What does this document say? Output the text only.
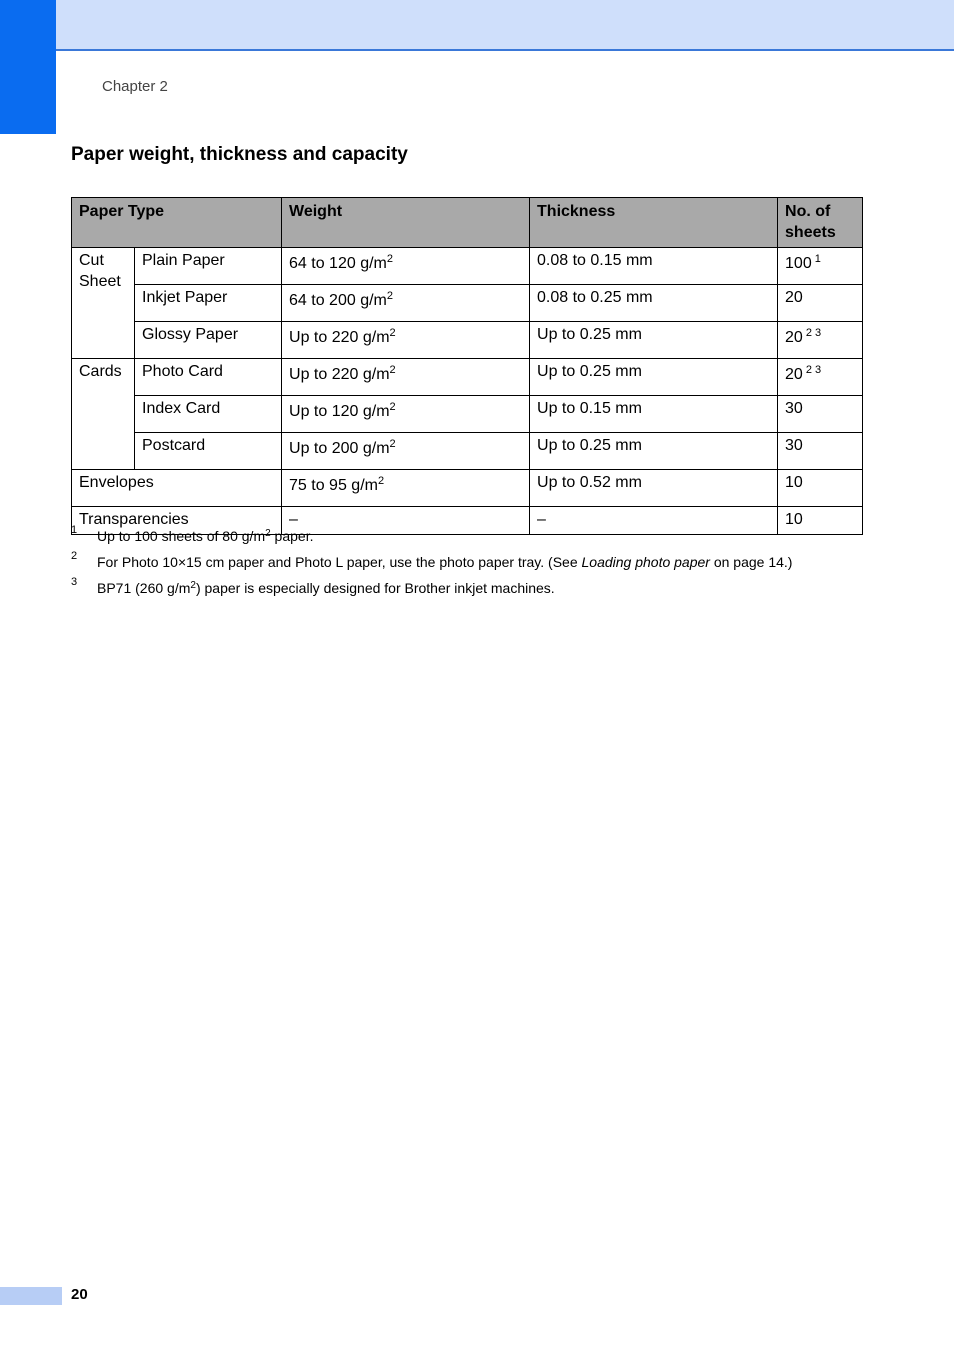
Chapter 2
Paper weight, thickness and capacity
Paper Type		Weight	Thickness	No. of sheets
Cut Sheet	Plain Paper	64 to 120 $g/m^2$	0.08 to 0.15 mm	100 $^1$
	Inkjet Paper	64 to 200 $g/m^2$	0.08 to 0.25 mm	20
	Glossy Paper	Up to 220 $g/m^2$	Up to 0.25 mm	20 $^{2 3}$
Cards	Photo Card	Up to 220 $g/m^2$	Up to 0.25 mm	20 $^{2 3}$
	Index Card	Up to 120 $g/m^2$	Up to 0.15 mm	30
	Postcard	Up to 200 $g/m^2$	Up to 0.25 mm	30
Envelopes		75 to 95 $g/m^2$	Up to 0.52 mm	10
Transparencies		–	–	10
1 Up to 100 sheets of 80 $g/m^2$ paper.
2 For Photo 10×15 cm paper and Photo L paper, use the photo paper tray. (See Loading photo paper on page 14.)
3 BP71 (260 $g/m^2$) paper is especially designed for Brother inkjet machines.
20
